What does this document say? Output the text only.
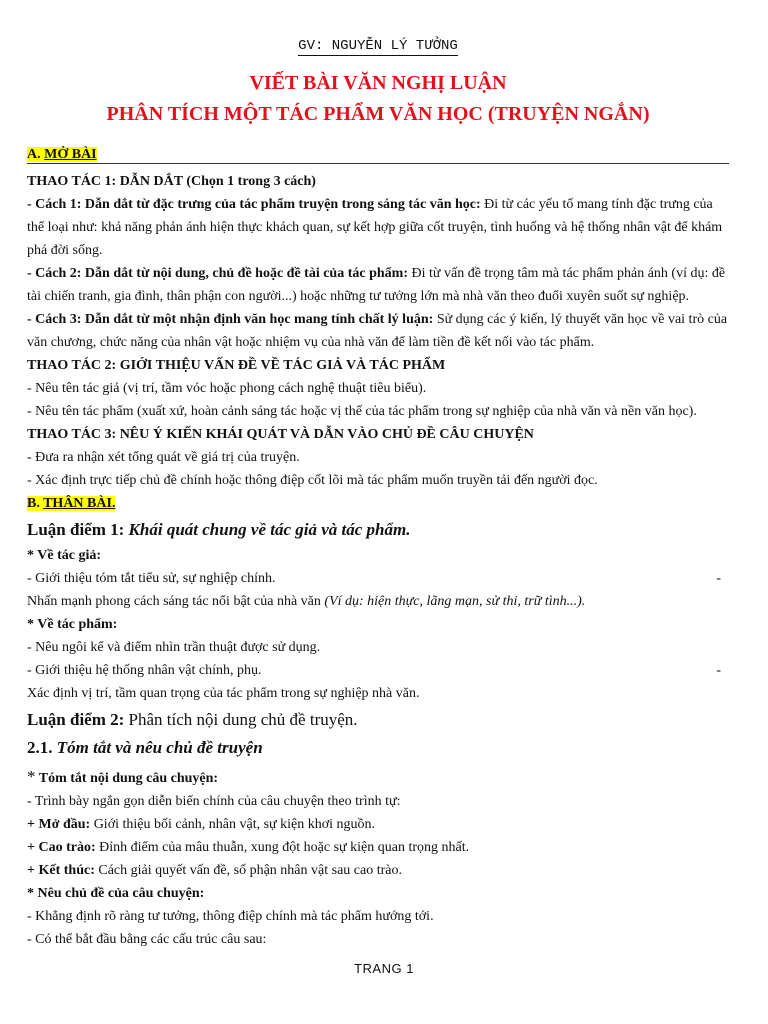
GV: NGUYỄN LÝ TƯỞNG
VIẾT BÀI VĂN NGHỊ LUẬN
PHÂN TÍCH MỘT TÁC PHẨM VĂN HỌC (TRUYỆN NGẮN)
A. MỞ BÀI

THAO TÁC 1: DẪN DẮT (Chọn 1 trong 3 cách)

- Cách 1: Dẫn dắt từ đặc trưng của tác phẩm truyện trong sáng tác văn học: Đi từ các yếu tố mang tính đặc trưng của thể loại như: khả năng phản ánh hiện thực khách quan, sự kết hợp giữa cốt truyện, tình huống và hệ thống nhân vật để khám phá đời sống.

- Cách 2: Dẫn dắt từ nội dung, chủ đề hoặc đề tài của tác phẩm: Đi từ vấn đề trọng tâm mà tác phẩm phản ánh (ví dụ: đề tài chiến tranh, gia đình, thân phận con người...) hoặc những tư tưởng lớn mà nhà văn theo đuổi xuyên suốt sự nghiệp.

- Cách 3: Dẫn dắt từ một nhận định văn học mang tính chất lý luận: Sử dụng các ý kiến, lý thuyết văn học về vai trò của văn chương, chức năng của nhân vật hoặc nhiệm vụ của nhà văn để làm tiền đề kết nối vào tác phẩm.

THAO TÁC 2: GIỚI THIỆU VẤN ĐỀ VỀ TÁC GIẢ VÀ TÁC PHẨM

- Nêu tên tác giả (vị trí, tầm vóc hoặc phong cách nghệ thuật tiêu biểu).

- Nêu tên tác phẩm (xuất xứ, hoàn cảnh sáng tác hoặc vị thế của tác phẩm trong sự nghiệp của nhà văn và nền văn học).

THAO TÁC 3: NÊU Ý KIẾN KHÁI QUÁT VÀ DẪN VÀO CHỦ ĐỀ CÂU CHUYỆN

- Đưa ra nhận xét tổng quát về giá trị của truyện.

- Xác định trực tiếp chủ đề chính hoặc thông điệp cốt lõi mà tác phẩm muốn truyền tải đến người đọc.

B. THÂN BÀI.

Luận điểm 1: Khái quát chung về tác giả và tác phẩm.

* Về tác giả:

- Giới thiệu tóm tắt tiểu sử, sự nghiệp chính.	-

Nhấn mạnh phong cách sáng tác nổi bật của nhà văn (Ví dụ: hiện thực, lãng mạn, sử thi, trữ tình...).

* Về tác phẩm:

- Nêu ngôi kể và điểm nhìn trần thuật được sử dụng.

- Giới thiệu hệ thống nhân vật chính, phụ.	-

Xác định vị trí, tầm quan trọng của tác phẩm trong sự nghiệp nhà văn.

Luận điểm 2: Phân tích nội dung chủ đề truyện.

2.1. Tóm tắt và nêu chủ đề truyện

* Tóm tắt nội dung câu chuyện:

- Trình bày ngắn gọn diễn biến chính của câu chuyện theo trình tự:

+ Mở đầu: Giới thiệu bối cảnh, nhân vật, sự kiện khơi nguồn.

+ Cao trào: Đỉnh điểm của mâu thuẫn, xung đột hoặc sự kiện quan trọng nhất.

+ Kết thúc: Cách giải quyết vấn đề, số phận nhân vật sau cao trào.

* Nêu chủ đề của câu chuyện:

- Khẳng định rõ ràng tư tưởng, thông điệp chính mà tác phẩm hướng tới.

- Có thể bắt đầu bằng các cấu trúc câu sau:

TRANG 1
